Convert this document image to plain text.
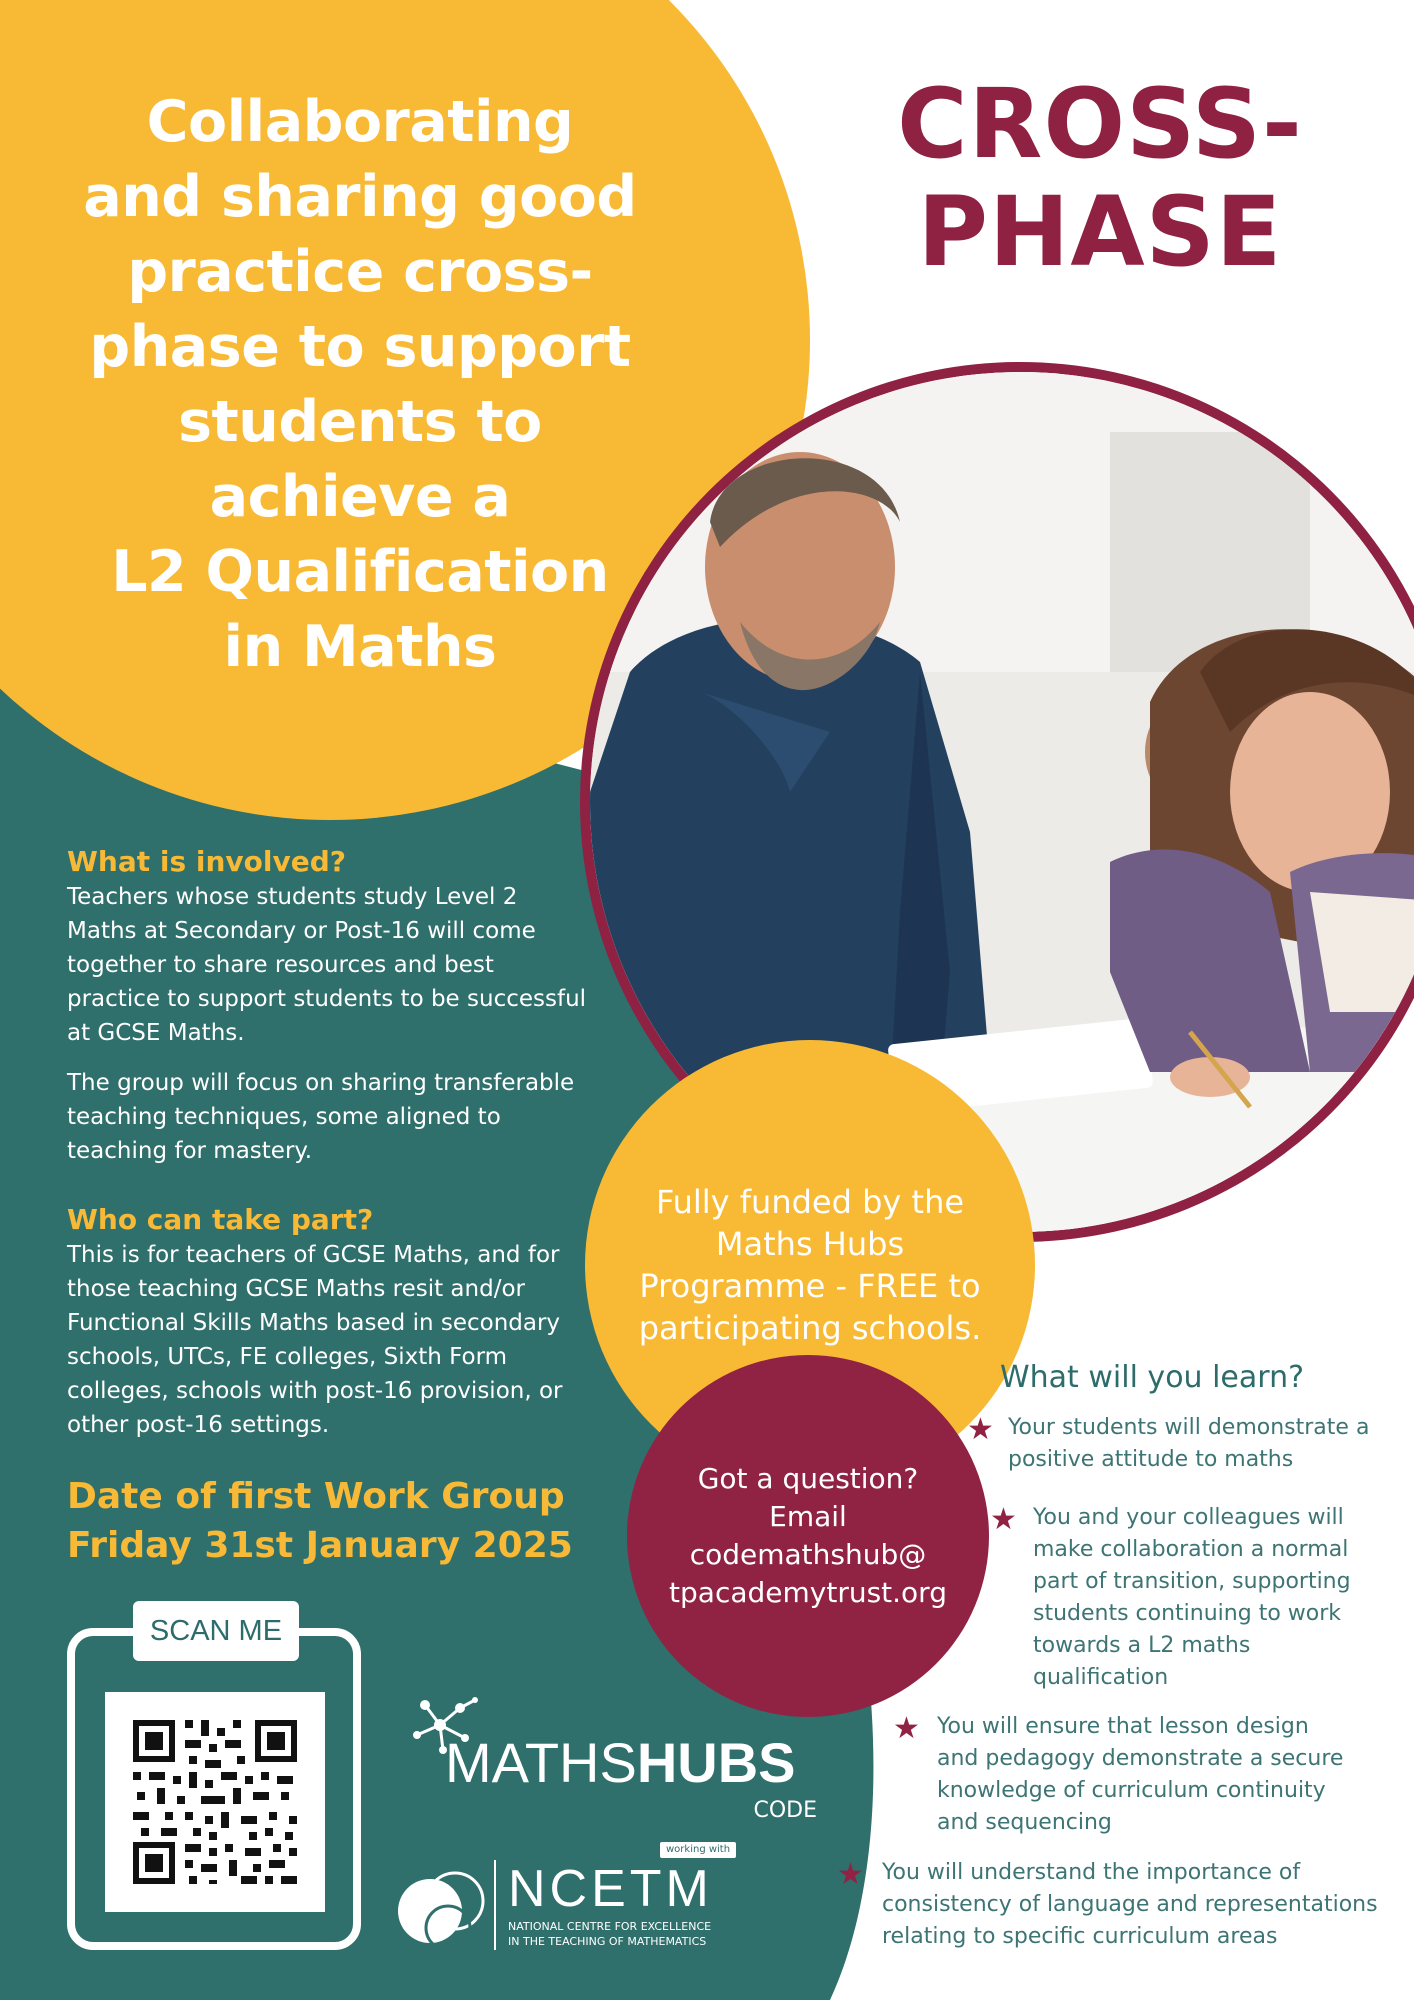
Collaborating
and sharing good
practice cross-
phase to support
students to
achieve a
L2 Qualification
in Maths
CROSS-
PHASE
What is involved?
Teachers whose students study Level 2 Maths at Secondary or Post-16 will come together to share resources and best practice to support students to be successful at GCSE Maths.
The group will focus on sharing transferable teaching techniques, some aligned to teaching for mastery.
Who can take part?
This is for teachers of GCSE Maths, and for those teaching GCSE Maths resit and/or Functional Skills Maths based in secondary schools, UTCs, FE colleges, Sixth Form colleges, schools with post-16 provision, or other post-16 settings.
Date of first Work Group
Friday 31st January 2025
Fully funded by the Maths Hubs Programme - FREE to participating schools.
Got a question?
Email
codemathshub@
tpacademytrust.org
What will you learn?
★ Your students will demonstrate a positive attitude to maths
★ You and your colleagues will make collaboration a normal part of transition, supporting students continuing to work towards a L2 maths qualification
★ You will ensure that lesson design and pedagogy demonstrate a secure knowledge of curriculum continuity and sequencing
★ You will understand the importance of consistency of language and representations relating to specific curriculum areas
SCAN ME
MATHSHUBS
CODE
working with
NCETM
NATIONAL CENTRE FOR EXCELLENCE
IN THE TEACHING OF MATHEMATICS
